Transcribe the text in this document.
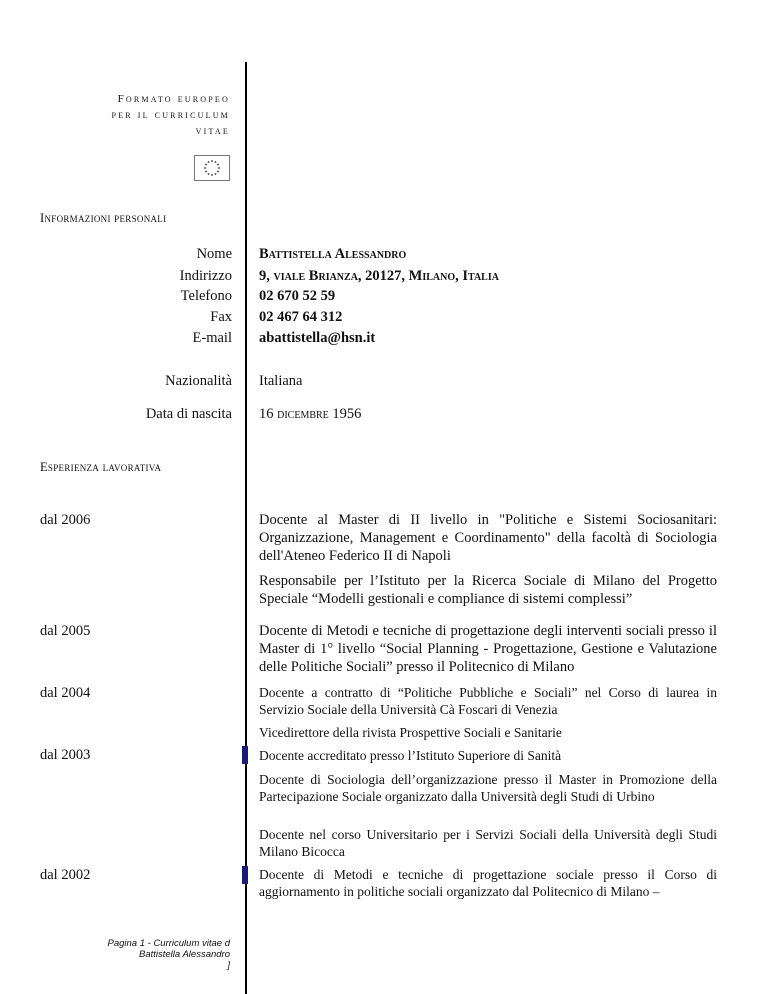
Formato europeo
per il curriculum
vitae
Informazioni personali
Nome Battistella Alessandro
Indirizzo 9, viale Brianza, 20127, Milano, Italia
Telefono 02 670 52 59
Fax 02 467 64 312
E-mail abattistella@hsn.it
Nazionalità Italiana
Data di nascita 16 dicembre 1956
Esperienza lavorativa
dal 2006	Docente al Master di II livello in "Politiche e Sistemi Sociosanitari: Organizzazione, Management e Coordinamento" della facoltà di Sociologia dell'Ateneo Federico II di Napoli
Responsabile per l’Istituto per la Ricerca Sociale di Milano del Progetto Speciale “Modelli gestionali e compliance di sistemi complessi”
dal 2005	Docente di Metodi e tecniche di progettazione degli interventi sociali presso il Master di 1° livello “Social Planning - Progettazione, Gestione e Valutazione delle Politiche Sociali” presso il Politecnico di Milano
dal 2004	Docente a contratto di “Politiche Pubbliche e Sociali” nel Corso di laurea in Servizio Sociale della Università Cà Foscari di Venezia
Vicedirettore della rivista Prospettive Sociali e Sanitarie
dal 2003	Docente accreditato presso l’Istituto Superiore di Sanità
Docente di Sociologia dell’organizzazione presso il Master in Promozione della Partecipazione Sociale organizzato dalla Università degli Studi di Urbino
Docente nel corso Universitario per i Servizi Sociali della Università degli Studi Milano Bicocca
dal 2002	Docente di Metodi e tecniche di progettazione sociale presso il Corso di aggiornamento in politiche sociali organizzato dal Politecnico di Milano –
Pagina 1 - Curriculum vitae d
Battistella Alessandro
]
